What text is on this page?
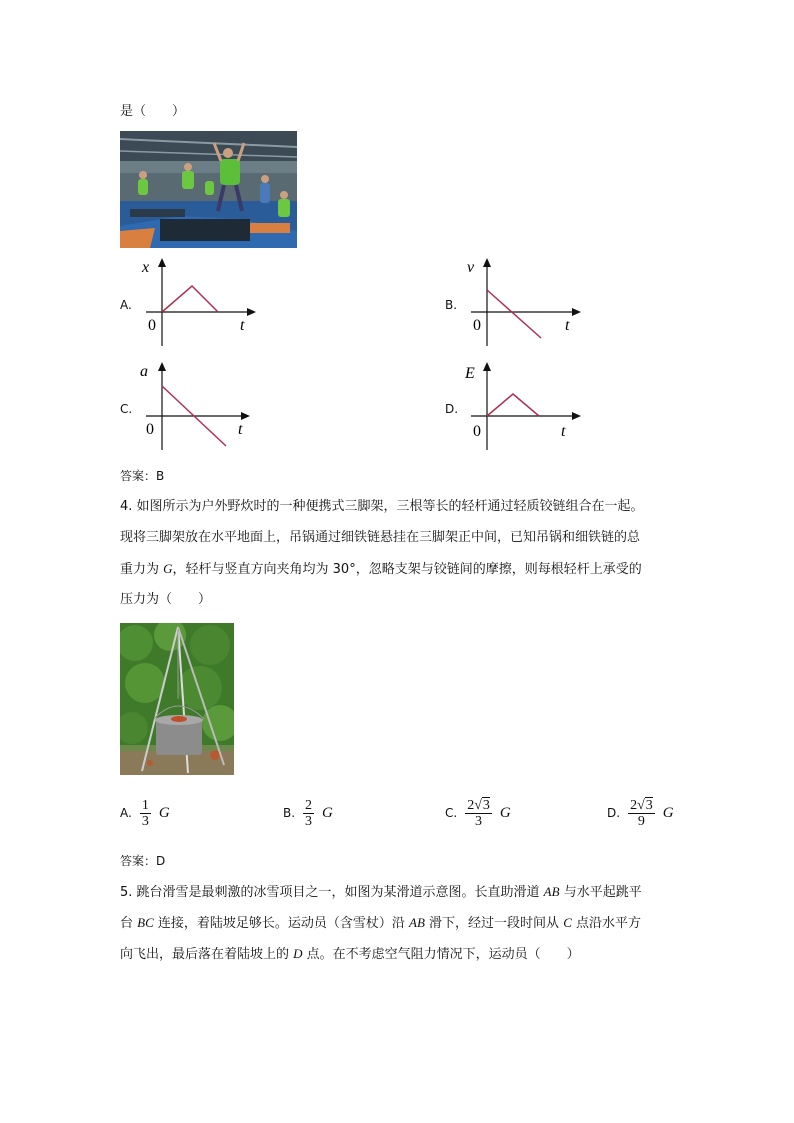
是（　　）
A.
x
0	t
B.
v
0	t
C.
a
0	t
D.
E
0	t
答案：B
4. 如图所示为户外野炊时的一种便携式三脚架，三根等长的轻杆通过轻质铰链组合在一起。
现将三脚架放在水平地面上，吊锅通过细铁链悬挂在三脚架正中间，已知吊锅和细铁链的总
重力为 G，轻杆与竖直方向夹角均为 30°，忽略支架与铰链间的摩擦，则每根轻杆上承受的
压力为（　　）
A. $\frac{1}{3}$ G	B. $\frac{2}{3}$ G	C. $\frac{2√3}{3}$ G	D. $\frac{2√3}{9}$ G
答案：D
5. 跳台滑雪是最刺激的冰雪项目之一，如图为某滑道示意图。长直助滑道 AB 与水平起跳平
台 BC 连接，着陆坡足够长。运动员（含雪杖）沿 AB 滑下，经过一段时间从 C 点沿水平方
向飞出，最后落在着陆坡上的 D 点。在不考虑空气阻力情况下，运动员（　　）
